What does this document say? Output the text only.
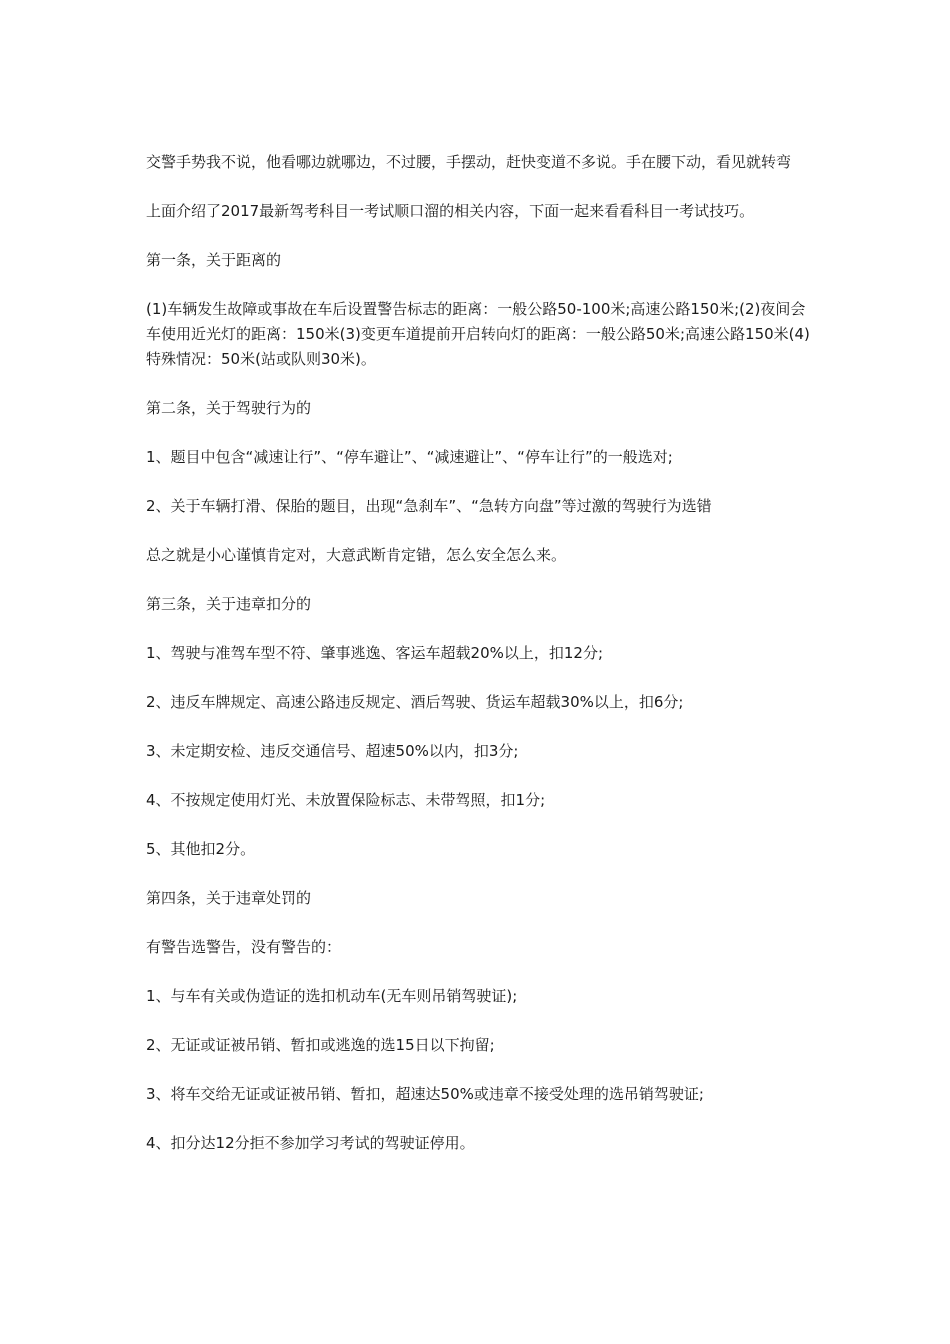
交警手势我不说，他看哪边就哪边，不过腰，手摆动，赶快变道不多说。手在腰下动，看见就转弯

上面介绍了2017最新驾考科目一考试顺口溜的相关内容，下面一起来看看科目一考试技巧。

第一条，关于距离的

(1)车辆发生故障或事故在车后设置警告标志的距离：一般公路50-100米;高速公路150米;(2)夜间会车使用近光灯的距离：150米(3)变更车道提前开启转向灯的距离：一般公路50米;高速公路150米(4)特殊情况：50米(站或队则30米)。

第二条，关于驾驶行为的

1、题目中包含“减速让行”、“停车避让”、“减速避让”、“停车让行”的一般选对;

2、关于车辆打滑、保胎的题目，出现“急刹车”、“急转方向盘”等过激的驾驶行为选错

总之就是小心谨慎肯定对，大意武断肯定错，怎么安全怎么来。

第三条，关于违章扣分的

1、驾驶与准驾车型不符、肇事逃逸、客运车超载20%以上，扣12分;

2、违反车牌规定、高速公路违反规定、酒后驾驶、货运车超载30%以上，扣6分;

3、未定期安检、违反交通信号、超速50%以内，扣3分;

4、不按规定使用灯光、未放置保险标志、未带驾照，扣1分;

5、其他扣2分。

第四条，关于违章处罚的

有警告选警告，没有警告的：

1、与车有关或伪造证的选扣机动车(无车则吊销驾驶证);

2、无证或证被吊销、暂扣或逃逸的选15日以下拘留;

3、将车交给无证或证被吊销、暂扣，超速达50%或违章不接受处理的选吊销驾驶证;

4、扣分达12分拒不参加学习考试的驾驶证停用。
